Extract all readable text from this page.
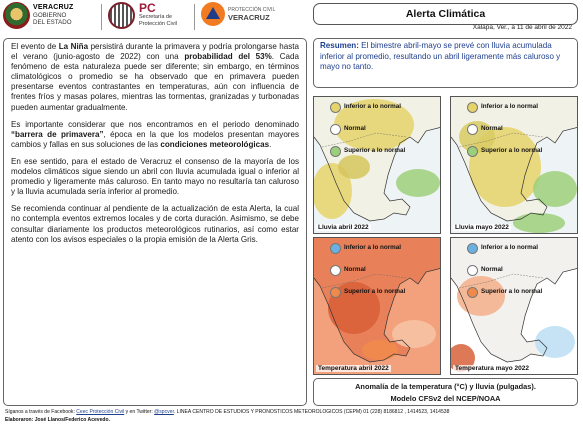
VERACRUZ
GOBIERNO
DEL ESTADO
PC
Secretaría de
Protección Civil
PROTECCIÓN CIVIL
VERACRUZ	Alerta Climática
Xalapa, Ver., a 11 de abril de 2022

El evento de La Niña persistirá durante la primavera y podría prolongarse hasta el verano (junio-agosto de 2022) con una probabilidad del 53%. Cada fenómeno de esta naturaleza puede ser diferente; sin embargo, en términos climatológicos o promedio se ha observado que en primavera pueden presentarse eventos contrastantes en temperaturas, aún con influencia de frentes fríos y masas polares, mientras las tormentas, granizadas y turbonadas pueden aumentar gradualmente.

Es importante considerar que nos encontramos en el periodo denominado “barrera de primavera”, época en la que los modelos presentan mayores cambios y fallas en sus soluciones de las condiciones meteorológicas.

En ese sentido, para el estado de Veracruz el consenso de la mayoría de los modelos climáticos sigue siendo un abril con lluvia acumulada igual o inferior al promedio y ligeramente más caluroso. En tanto mayo no resultaría tan caluroso y la lluvia acumulada sería inferior al promedio.

Se recomienda continuar al pendiente de la actualización de esta Alerta, la cual no contempla eventos extremos locales y de corta duración. Asimismo, se debe consultar diariamente los productos meteorológicos rutinarios, así como estar atento con los avisos especiales o la propia emisión de la Alerta Gris.

Resumen: El bimestre abril-mayo se prevé con lluvia acumulada inferior al promedio, resultando un abril ligeramente más caluroso y mayo no tanto.
Inferior a lo normal
Normal
Superior a lo normal
Lluvia abril 2022
Inferior a lo normal
Normal
Superior a lo normal
Lluvia mayo 2022
Inferior a lo normal
Normal
Superior a lo normal
Temperatura abril 2022
Inferior a lo normal
Normal
Superior a lo normal
Temperatura mayo 2022
Anomalía de la temperatura (°C) y lluvia (pulgadas).
Modelo CFSv2 del NCEP/NOAA
Síganos a través de Facebook: Ceec Protección Civil y en Twitter: @spcver. LÍNEA CENTRO DE ESTUDIOS Y PRONÓSTICOS METEOROLÓGICOS (CEPM) 01 (228) 8186812 , 1414523, 1414538
Elaboraron: José Llanos/Federico Acevedo.
